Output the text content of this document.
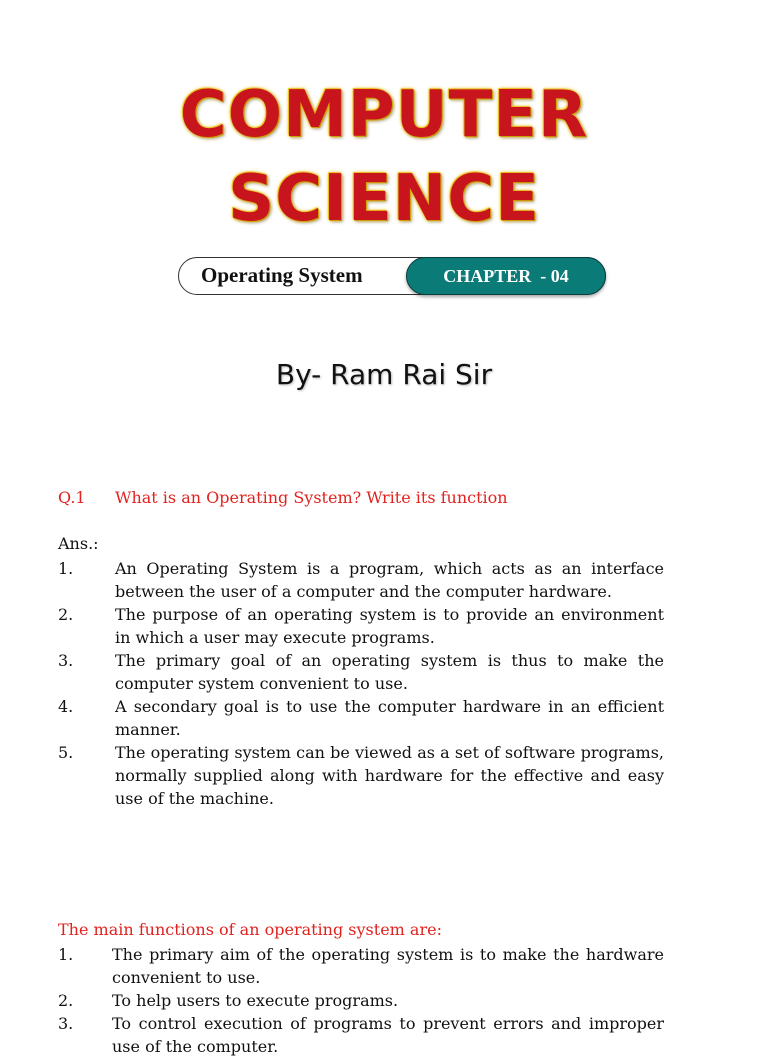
COMPUTER
SCIENCE
Operating System	CHAPTER  - 04
By- Ram Rai Sir
Q.1 What is an Operating System? Write its function
Ans.:
1.	An Operating System is a program, which acts as an interface between the user of a computer and the computer hardware.
2.	The purpose of an operating system is to provide an environment in which a user may execute programs.
3.	The primary goal of an operating system is thus to make the computer system convenient to use.
4.	A secondary goal is to use the computer hardware in an efficient manner.
5.	The operating system can be viewed as a set of software programs, normally supplied along with hardware for the effective and easy use of the machine.
The main functions of an operating system are:
1. The primary aim of the operating system is to make the hardware convenient to use.
2. To help users to execute programs.
3. To control execution of programs to prevent errors and improper use of the computer.
